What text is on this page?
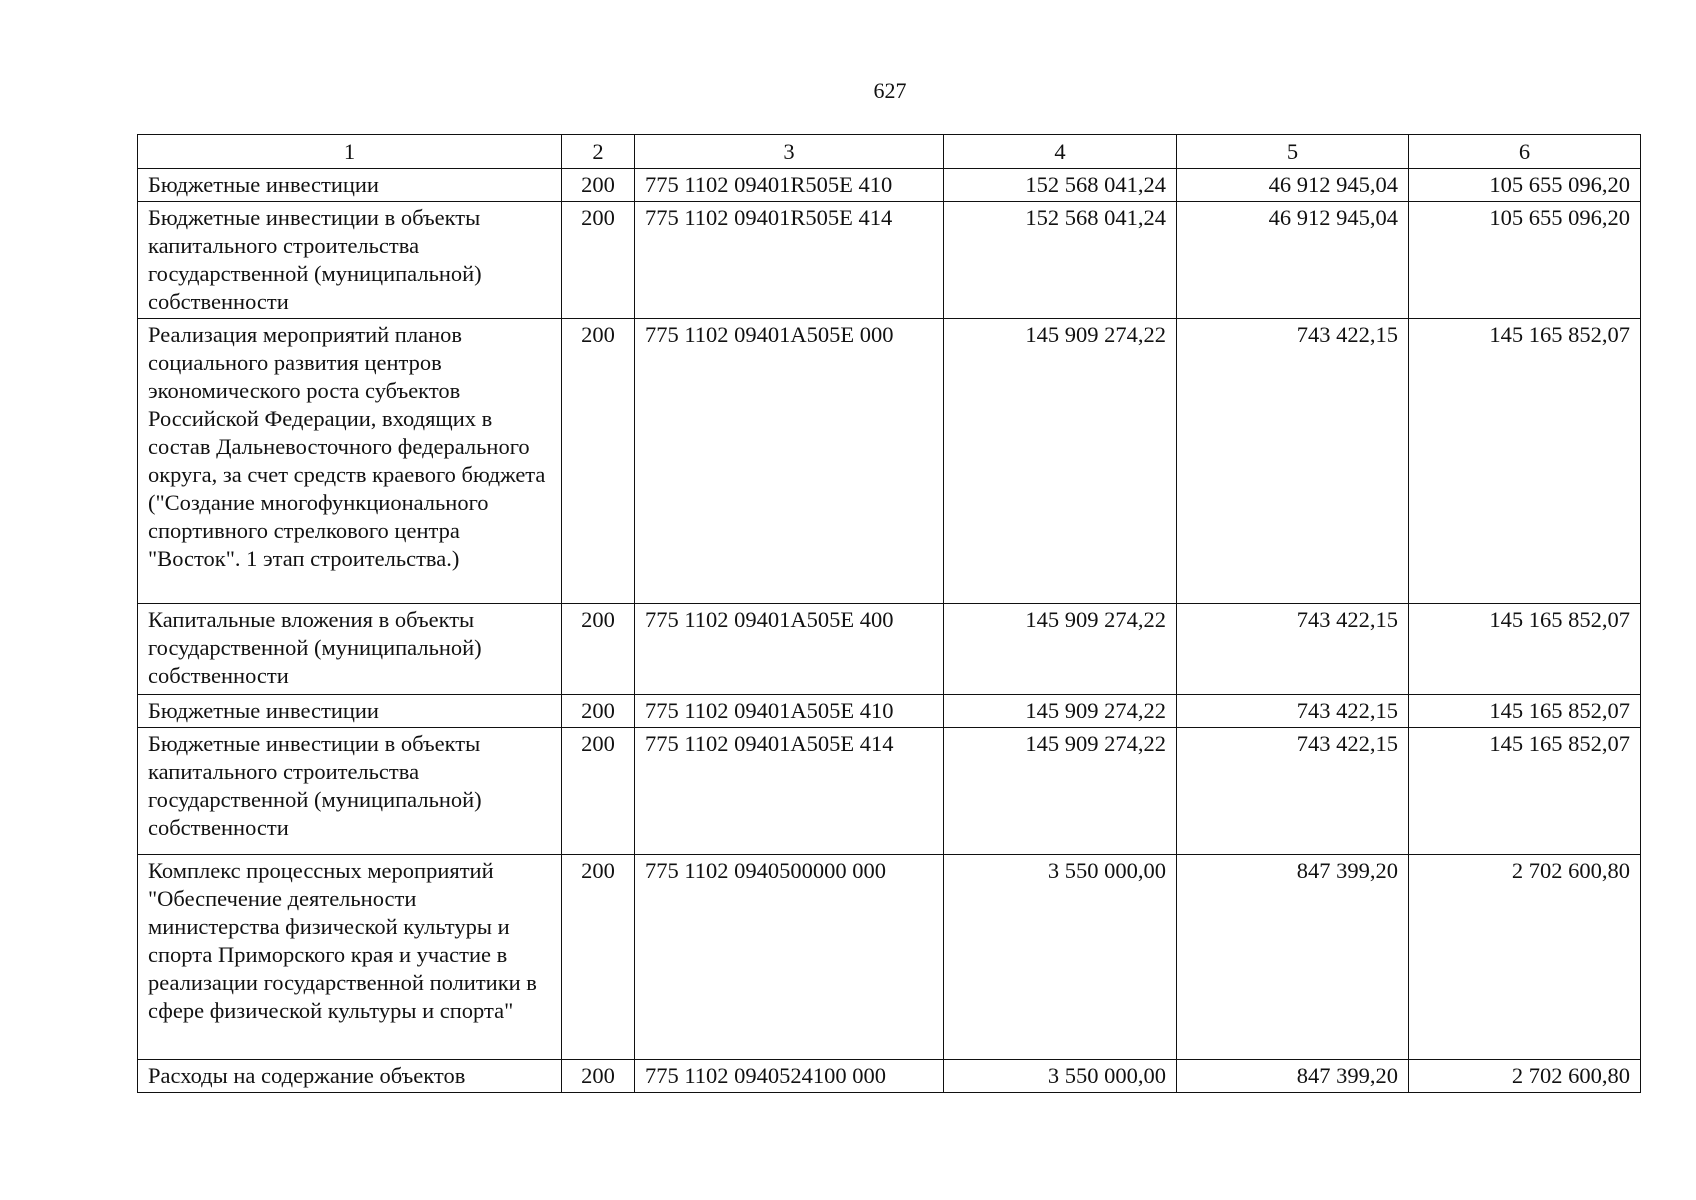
627
1	2	3	4	5	6
Бюджетные инвестиции	200	775 1102 09401R505E 410	152 568 041,24	46 912 945,04	105 655 096,20
Бюджетные инвестиции в объекты капитального строительства государственной (муниципальной) собственности	200	775 1102 09401R505E 414	152 568 041,24	46 912 945,04	105 655 096,20
Реализация мероприятий планов социального развития центров экономического роста субъектов Российской Федерации, входящих в состав Дальневосточного федерального округа, за счет средств краевого бюджета ("Создание многофункционального спортивного стрелкового центра "Восток". 1 этап строительства.)	200	775 1102 09401A505E 000	145 909 274,22	743 422,15	145 165 852,07
Капитальные вложения в объекты государственной (муниципальной) собственности	200	775 1102 09401A505E 400	145 909 274,22	743 422,15	145 165 852,07
Бюджетные инвестиции	200	775 1102 09401A505E 410	145 909 274,22	743 422,15	145 165 852,07
Бюджетные инвестиции в объекты капитального строительства государственной (муниципальной) собственности	200	775 1102 09401A505E 414	145 909 274,22	743 422,15	145 165 852,07
Комплекс процессных мероприятий "Обеспечение деятельности министерства физической культуры и спорта Приморского края и участие в реализации государственной политики в сфере физической культуры и спорта"	200	775 1102 0940500000 000	3 550 000,00	847 399,20	2 702 600,80
Расходы на содержание объектов	200	775 1102 0940524100 000	3 550 000,00	847 399,20	2 702 600,80
